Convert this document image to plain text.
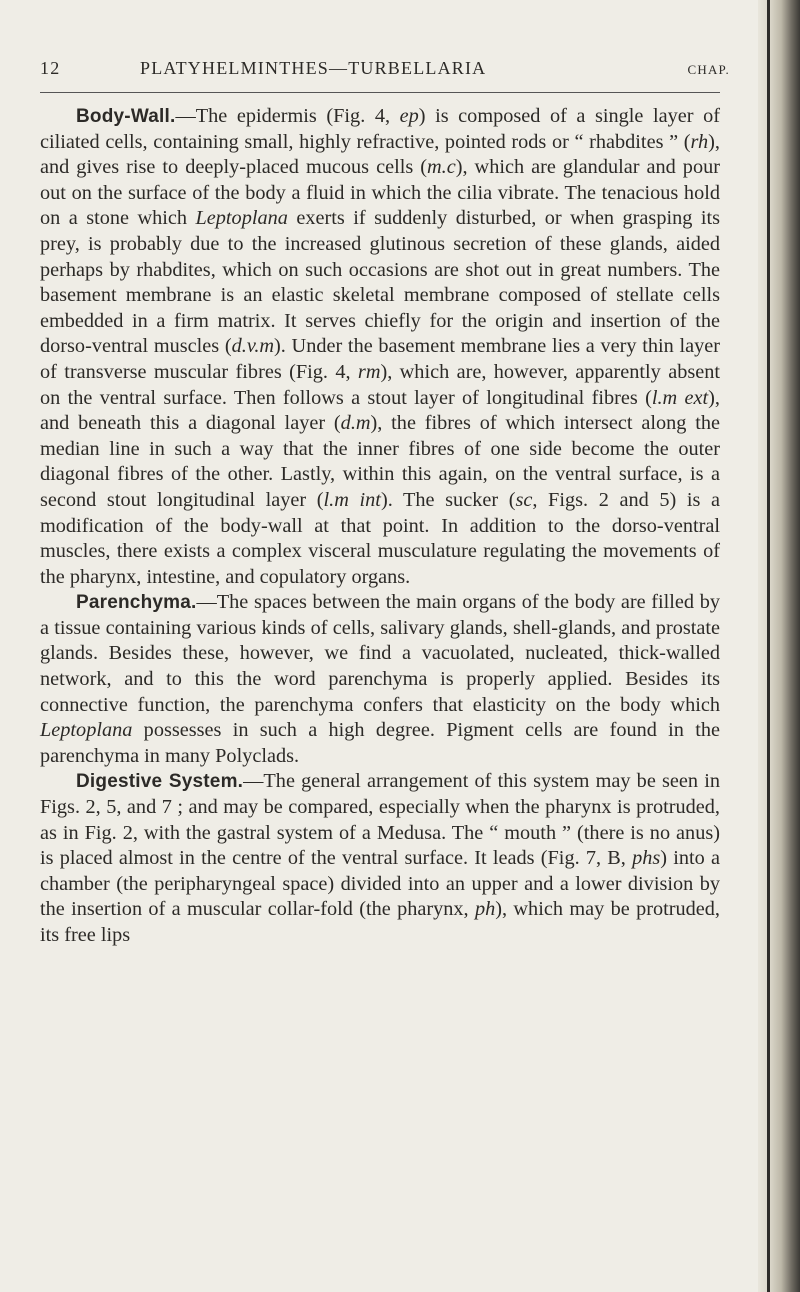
12	PLATYHELMINTHES—TURBELLARIA	CHAP.

Body-Wall.—The epidermis (Fig. 4, ep) is composed of a single layer of ciliated cells, containing small, highly refractive, pointed rods or “ rhabdites ” (rh), and gives rise to deeply-placed mucous cells (m.c), which are glandular and pour out on the surface of the body a fluid in which the cilia vibrate. The tenacious hold on a stone which Leptoplana exerts if suddenly disturbed, or when grasping its prey, is probably due to the increased glutinous secretion of these glands, aided perhaps by rhabdites, which on such occasions are shot out in great numbers. The basement membrane is an elastic skeletal membrane composed of stellate cells embedded in a firm matrix. It serves chiefly for the origin and insertion of the dorso-ventral muscles (d.v.m). Under the basement membrane lies a very thin layer of transverse muscular fibres (Fig. 4, rm), which are, however, apparently absent on the ventral surface. Then follows a stout layer of longitudinal fibres (l.m ext), and beneath this a diagonal layer (d.m), the fibres of which intersect along the median line in such a way that the inner fibres of one side become the outer diagonal fibres of the other. Lastly, within this again, on the ventral surface, is a second stout longitudinal layer (l.m int). The sucker (sc, Figs. 2 and 5) is a modification of the body-wall at that point. In addition to the dorso-ventral muscles, there exists a complex visceral musculature regulating the movements of the pharynx, intestine, and copulatory organs.

Parenchyma.—The spaces between the main organs of the body are filled by a tissue containing various kinds of cells, salivary glands, shell-glands, and prostate glands. Besides these, however, we find a vacuolated, nucleated, thick-walled network, and to this the word parenchyma is properly applied. Besides its connective function, the parenchyma confers that elasticity on the body which Leptoplana possesses in such a high degree. Pigment cells are found in the parenchyma in many Polyclads.

Digestive System.—The general arrangement of this system may be seen in Figs. 2, 5, and 7 ; and may be compared, especially when the pharynx is protruded, as in Fig. 2, with the gastral system of a Medusa. The “ mouth ” (there is no anus) is placed almost in the centre of the ventral surface. It leads (Fig. 7, B, phs) into a chamber (the peripharyngeal space) divided into an upper and a lower division by the insertion of a muscular collar-fold (the pharynx, ph), which may be protruded, its free lips
